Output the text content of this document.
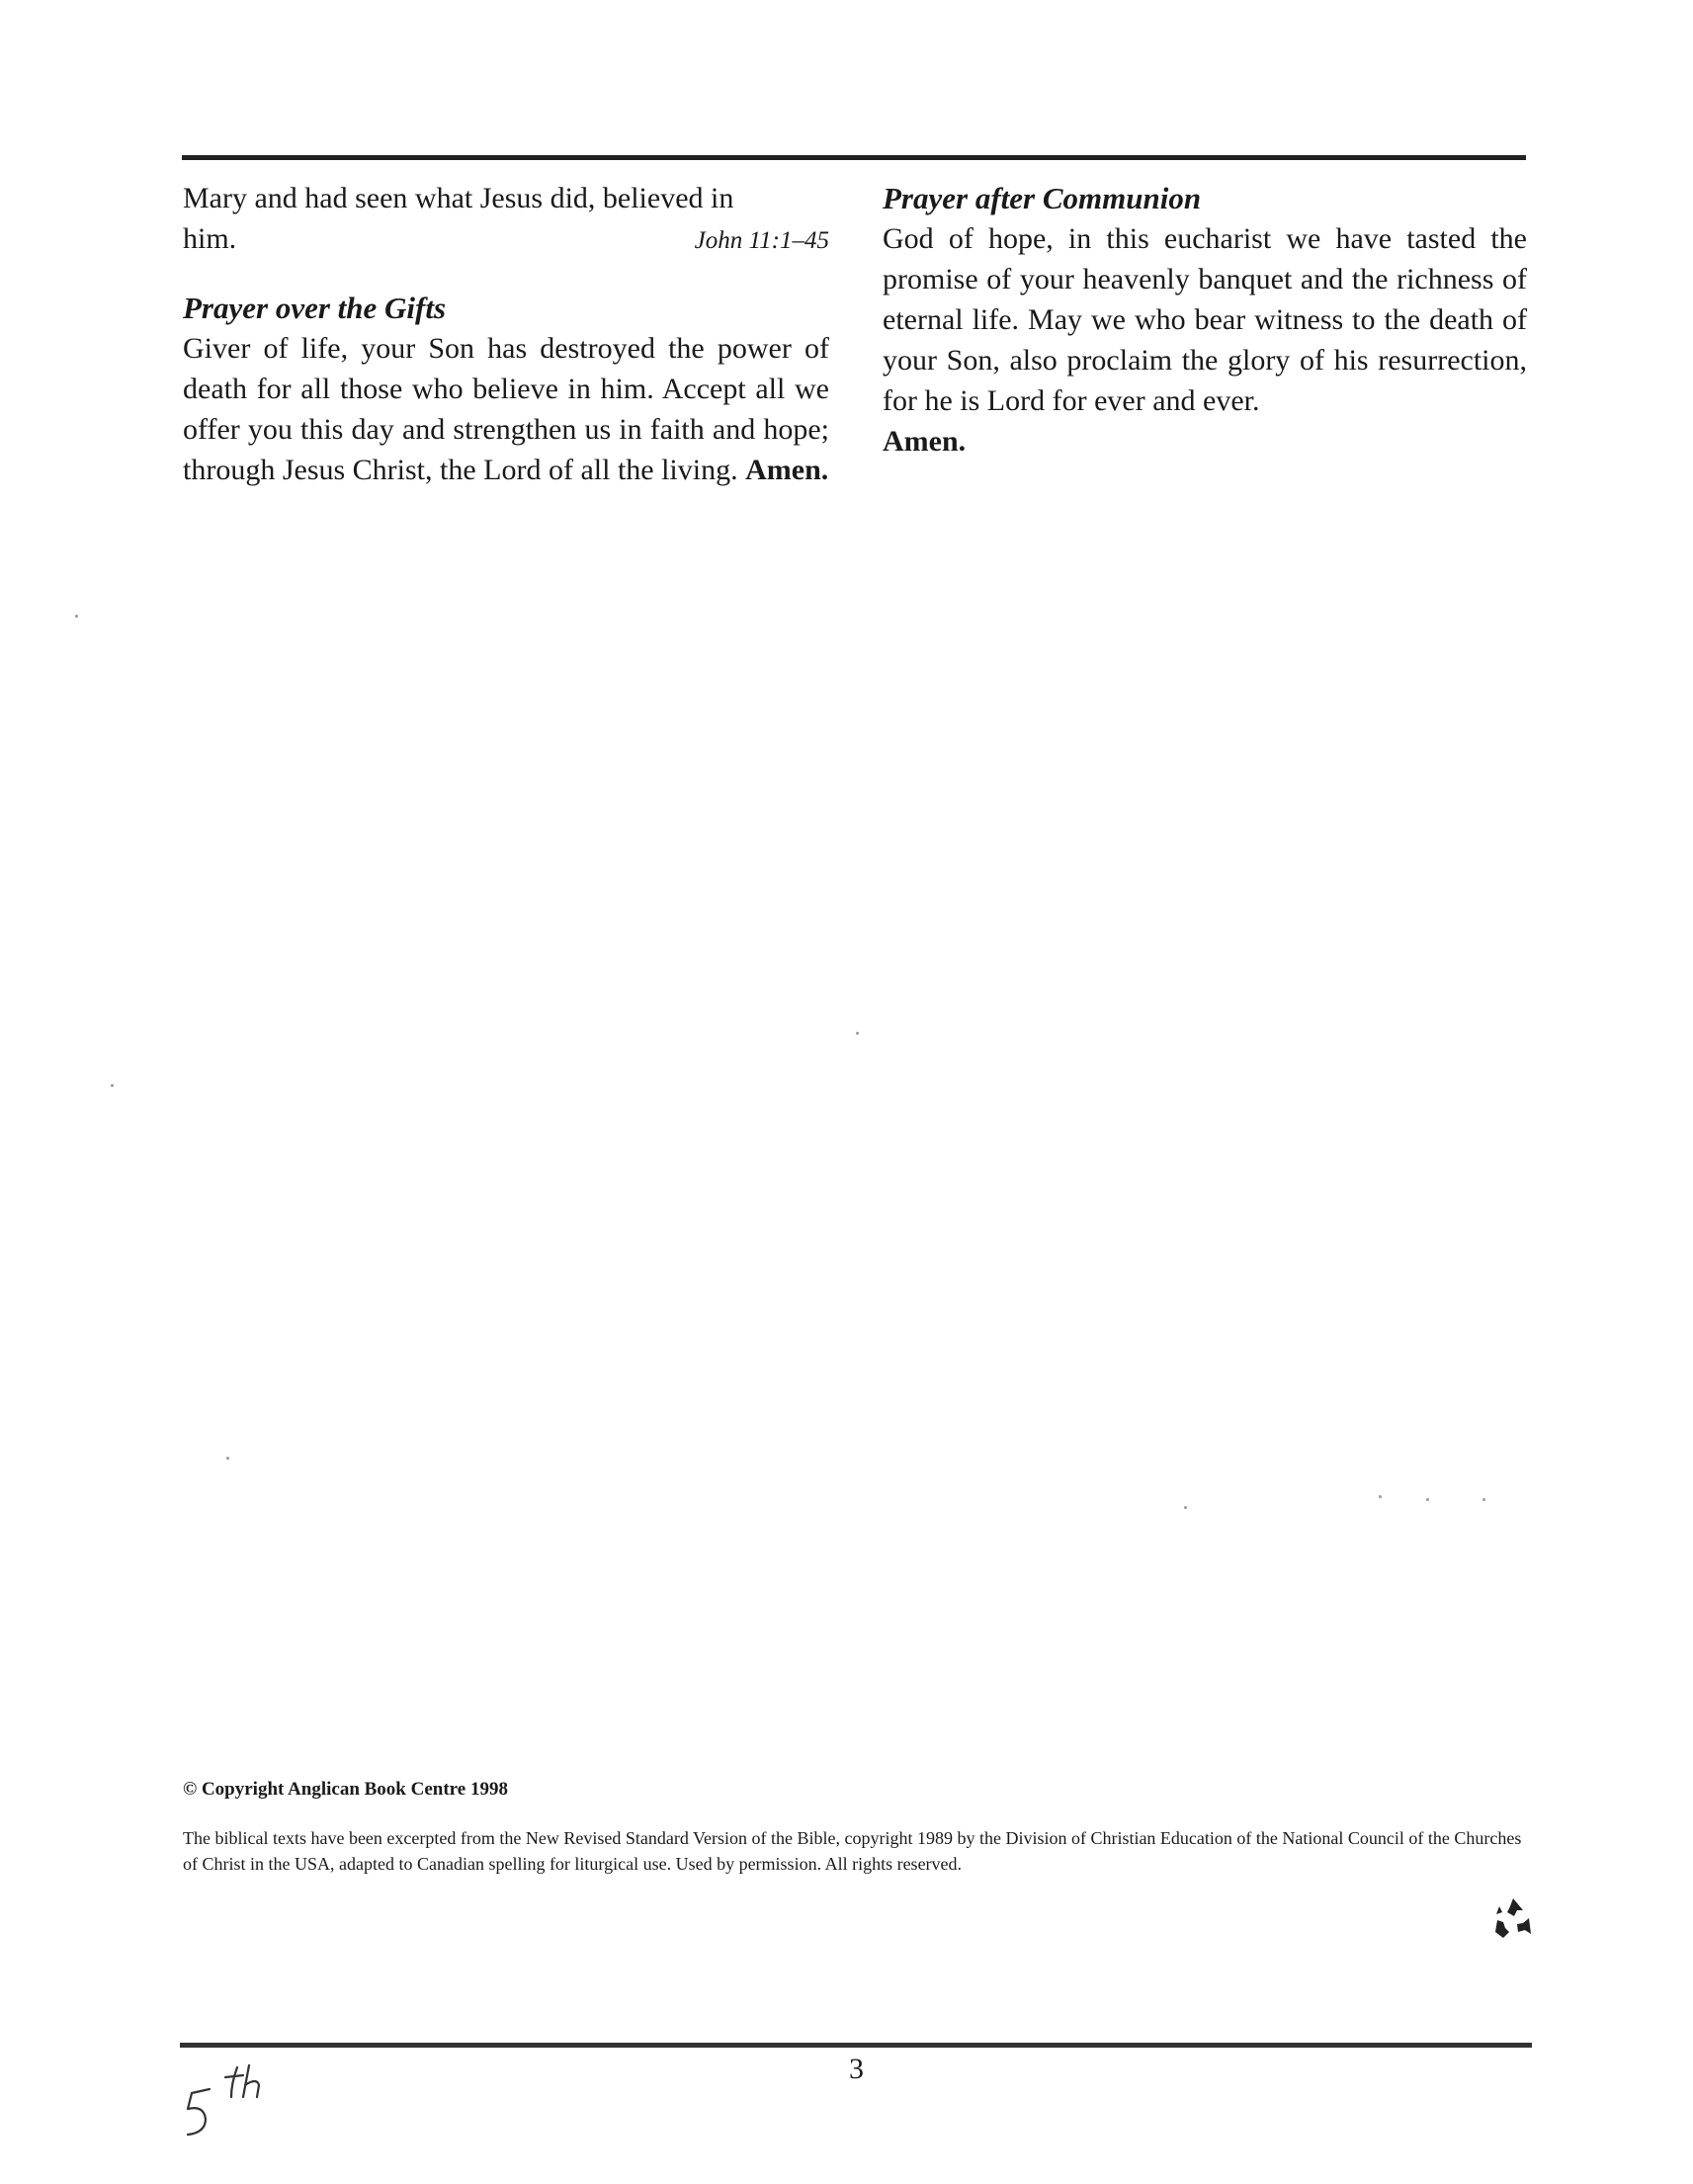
Mary and had seen what Jesus did, believed in
him.	John 11:1–45
Prayer over the Gifts

Giver of life, your Son has destroyed the power of death for all those who believe in him. Accept all we offer you this day and strengthen us in faith and hope; through Jesus Christ, the Lord of all the living. Amen.

Prayer after Communion

God of hope, in this eucharist we have tasted the promise of your heavenly banquet and the richness of eternal life. May we who bear witness to the death of your Son, also proclaim the glory of his resurrection, for he is Lord for ever and ever.

Amen.

© Copyright Anglican Book Centre 1998
The biblical texts have been excerpted from the New Revised Standard Version of the Bible, copyright 1989 by the Division of Christian Education of the National Council of the Churches of Christ in the USA, adapted to Canadian spelling for liturgical use. Used by permission. All rights reserved.
3
